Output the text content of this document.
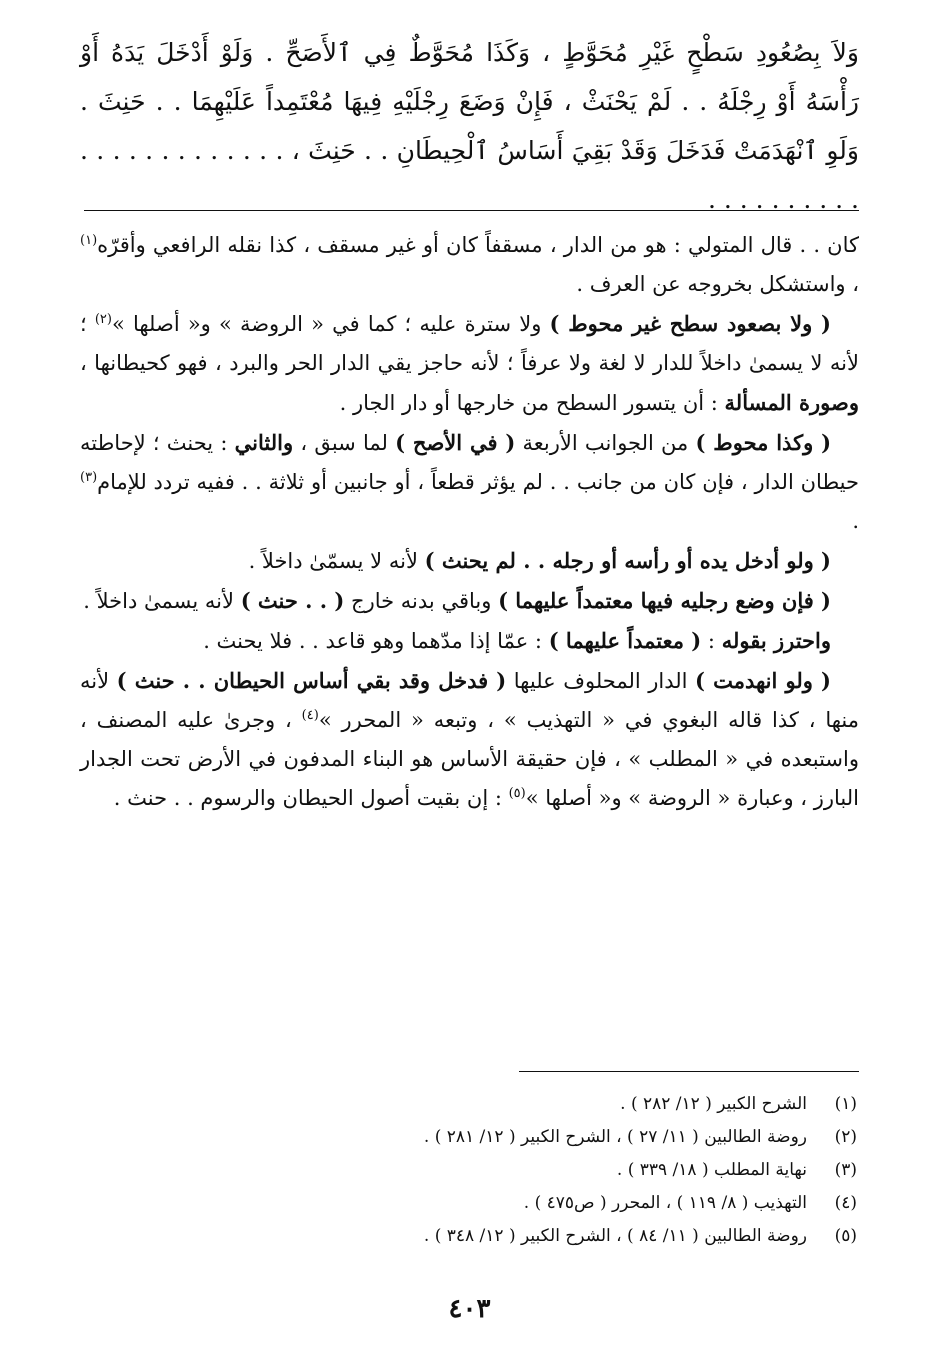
وَلاَ بِصُعُودِ سَطْحٍ غَيْرِ مُحَوَّطٍ ، وَكَذَا مُحَوَّطٌ فِي ٱلأَصَحِّ . وَلَوْ أَدْخَلَ يَدَهُ أَوْ رَأْسَهُ أَوْ رِجْلَهُ . . لَمْ يَحْنَثْ ، فَإِنْ وَضَعَ رِجْلَيْهِ فِيهَا مُعْتَمِداً عَلَيْهِمَا . . حَنِثَ . وَلَوِ ٱنْهَدَمَتْ فَدَخَلَ وَقَدْ بَقِيَ أَسَاسُ ٱلْحِيطَانِ . . حَنِثَ ، . . . . . . . . . . . . . . . . . . . . . . .

كان . . قال المتولي : هو من الدار ، مسقفاً كان أو غير مسقف ، كذا نقله الرافعي وأقرّه$^{(١)}$ ، واستشكل بخروجه عن العرف .

( ولا بصعود سطح غير محوط ) ولا سترة عليه ؛ كما في « الروضة » و« أصلها »$^{(٢)}$ ؛ لأنه لا يسمىٰ داخلاً للدار لا لغة ولا عرفاً ؛ لأنه حاجز يقي الدار الحر والبرد ، فهو كحيطانها ، وصورة المسألة : أن يتسور السطح من خارجها أو دار الجار .

( وكذا محوط ) من الجوانب الأربعة ( في الأصح ) لما سبق ، والثاني : يحنث ؛ لإحاطته حيطان الدار ، فإن كان من جانب . . لم يؤثر قطعاً ، أو جانبين أو ثلاثة . . ففيه تردد للإمام$^{(٣)}$ .

( ولو أدخل يده أو رأسه أو رجله . . لم يحنث ) لأنه لا يسمّىٰ داخلاً .

( فإن وضع رجليه فيها معتمداً عليهما ) وباقي بدنه خارج ( . . حنث ) لأنه يسمىٰ داخلاً .

واحترز بقوله : ( معتمداً عليهما ) : عمّا إذا مدّهما وهو قاعد . . فلا يحنث .

( ولو انهدمت ) الدار المحلوف عليها ( فدخل وقد بقي أساس الحيطان . . حنث ) لأنه منها ، كذا قاله البغوي في « التهذيب » ، وتبعه « المحرر »$^{(٤)}$ ، وجرىٰ عليه المصنف ، واستبعده في « المطلب » ، فإن حقيقة الأساس هو البناء المدفون في الأرض تحت الجدار البارز ، وعبارة « الروضة » و« أصلها »$^{(٥)}$ : إن بقيت أصول الحيطان والرسوم . . حنث .

(١)الشرح الكبير ( ١٢/ ٢٨٢ ) .
(٢)روضة الطالبين ( ١١/ ٢٧ ) ، الشرح الكبير ( ١٢/ ٢٨١ ) .
(٣)نهاية المطلب ( ١٨/ ٣٣٩ ) .
(٤)التهذيب ( ٨/ ١١٩ ) ، المحرر ( ص٤٧٥ ) .
(٥)روضة الطالبين ( ١١/ ٨٤ ) ، الشرح الكبير ( ١٢/ ٣٤٨ ) .
٤٠٣
